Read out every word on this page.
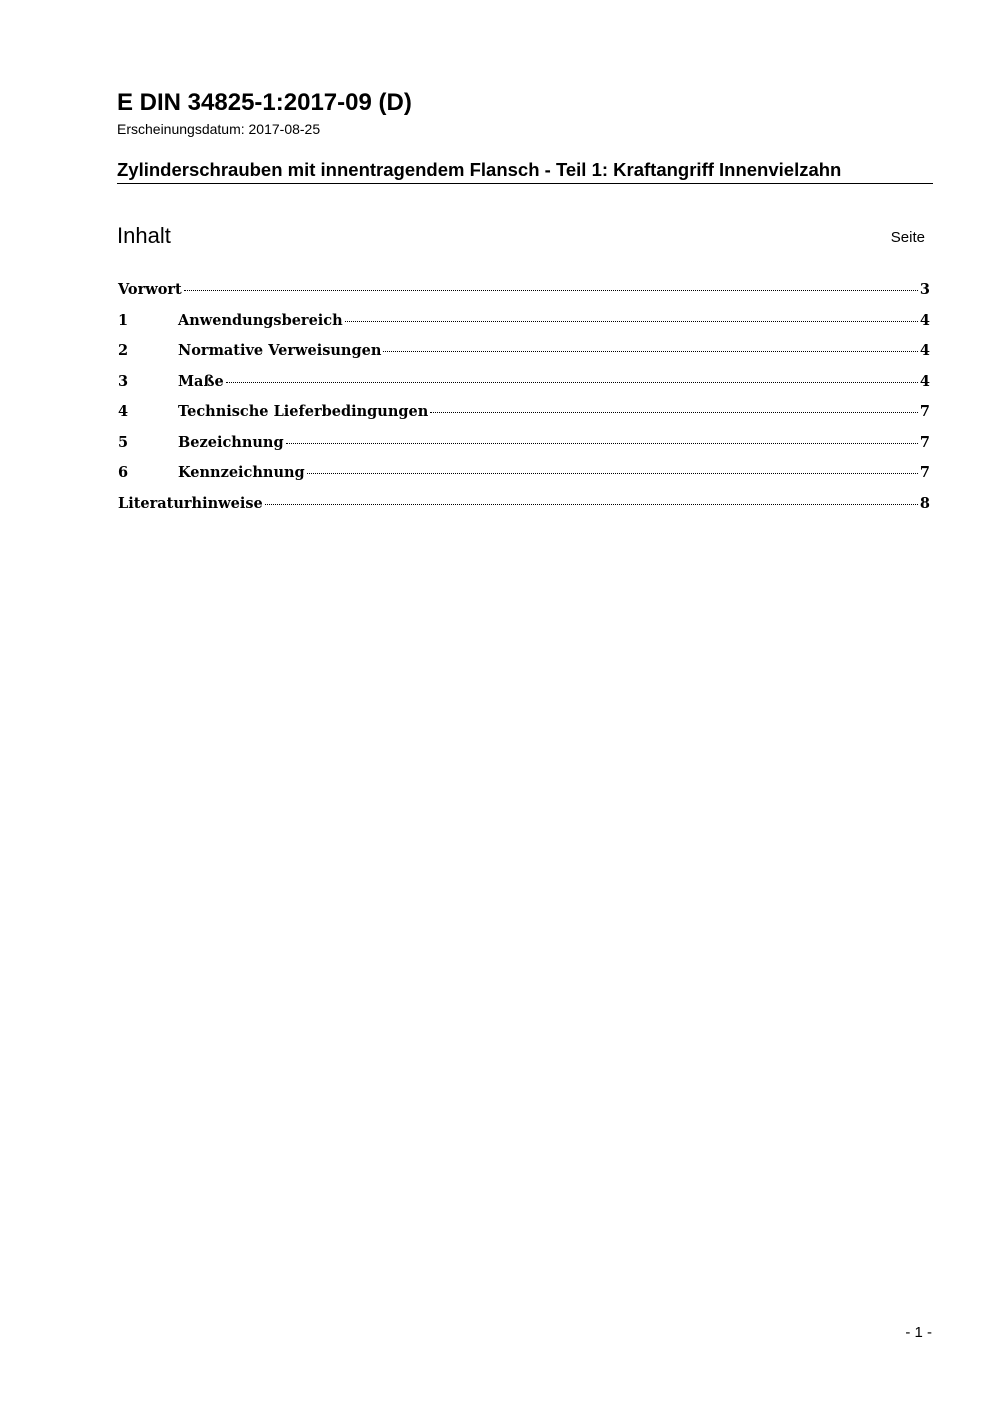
E DIN 34825-1:2017-09 (D)
Erscheinungsdatum: 2017-08-25
Zylinderschrauben mit innentragendem Flansch - Teil 1: Kraftangriff Innenvielzahn
Inhalt	Seite
Vorwort	3
1	Anwendungsbereich	4
2	Normative Verweisungen	4
3	Maße	4
4	Technische Lieferbedingungen	7
5	Bezeichnung	7
6	Kennzeichnung	7
Literaturhinweise	8
- 1 -
